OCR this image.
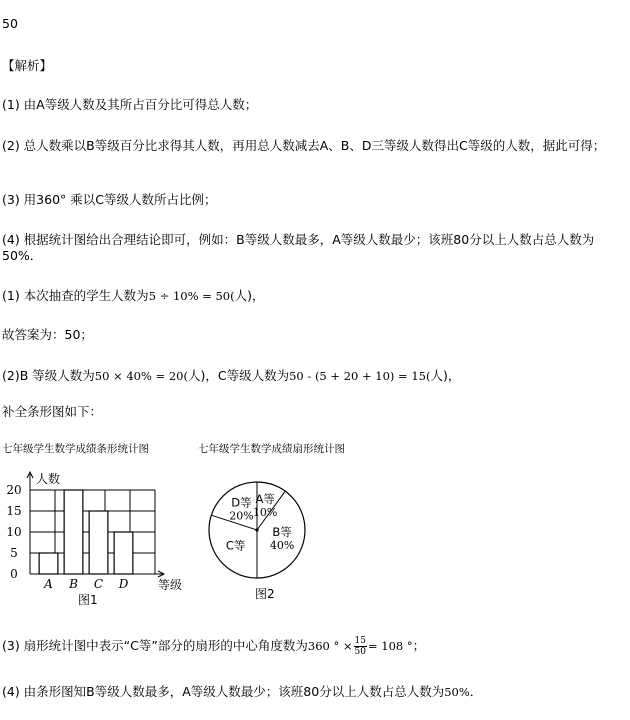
50
【解析】
(1) 由A等级人数及其所占百分比可得总人数；
(2) 总人数乘以B等级百分比求得其人数，再用总人数减去A、B、D三等级人数得出C等级的人数，据此可得；
(3) 用360° 乘以C等级人数所占比例；
(4) 根据统计图给出合理结论即可，例如：B等级人数最多，A等级人数最少；该班80分以上人数占总人数为50%．
(1) 本次抽查的学生人数为5 ÷ 10% = 50(人)，
故答案为：50；
(2)B 等级人数为50 × 40% = 20(人)，C等级人数为50 - (5 + 20 + 10) = 15(人)，
补全条形图如下：
七年级学生数学成绩条形统计图	七年级学生数学成绩扇形统计图
0
5
10
15
20
A B C D
人数
等级
图1
A等
10%
B等
40%
C等
D等
20%
图2
(3) 扇形统计图中表示“C等”部分的扇形的中心角度数为360 ° × $\frac{15}{50} = 108$ °；
(4) 由条形图知B等级人数最多，A等级人数最少；该班80分以上人数占总人数为50%．
